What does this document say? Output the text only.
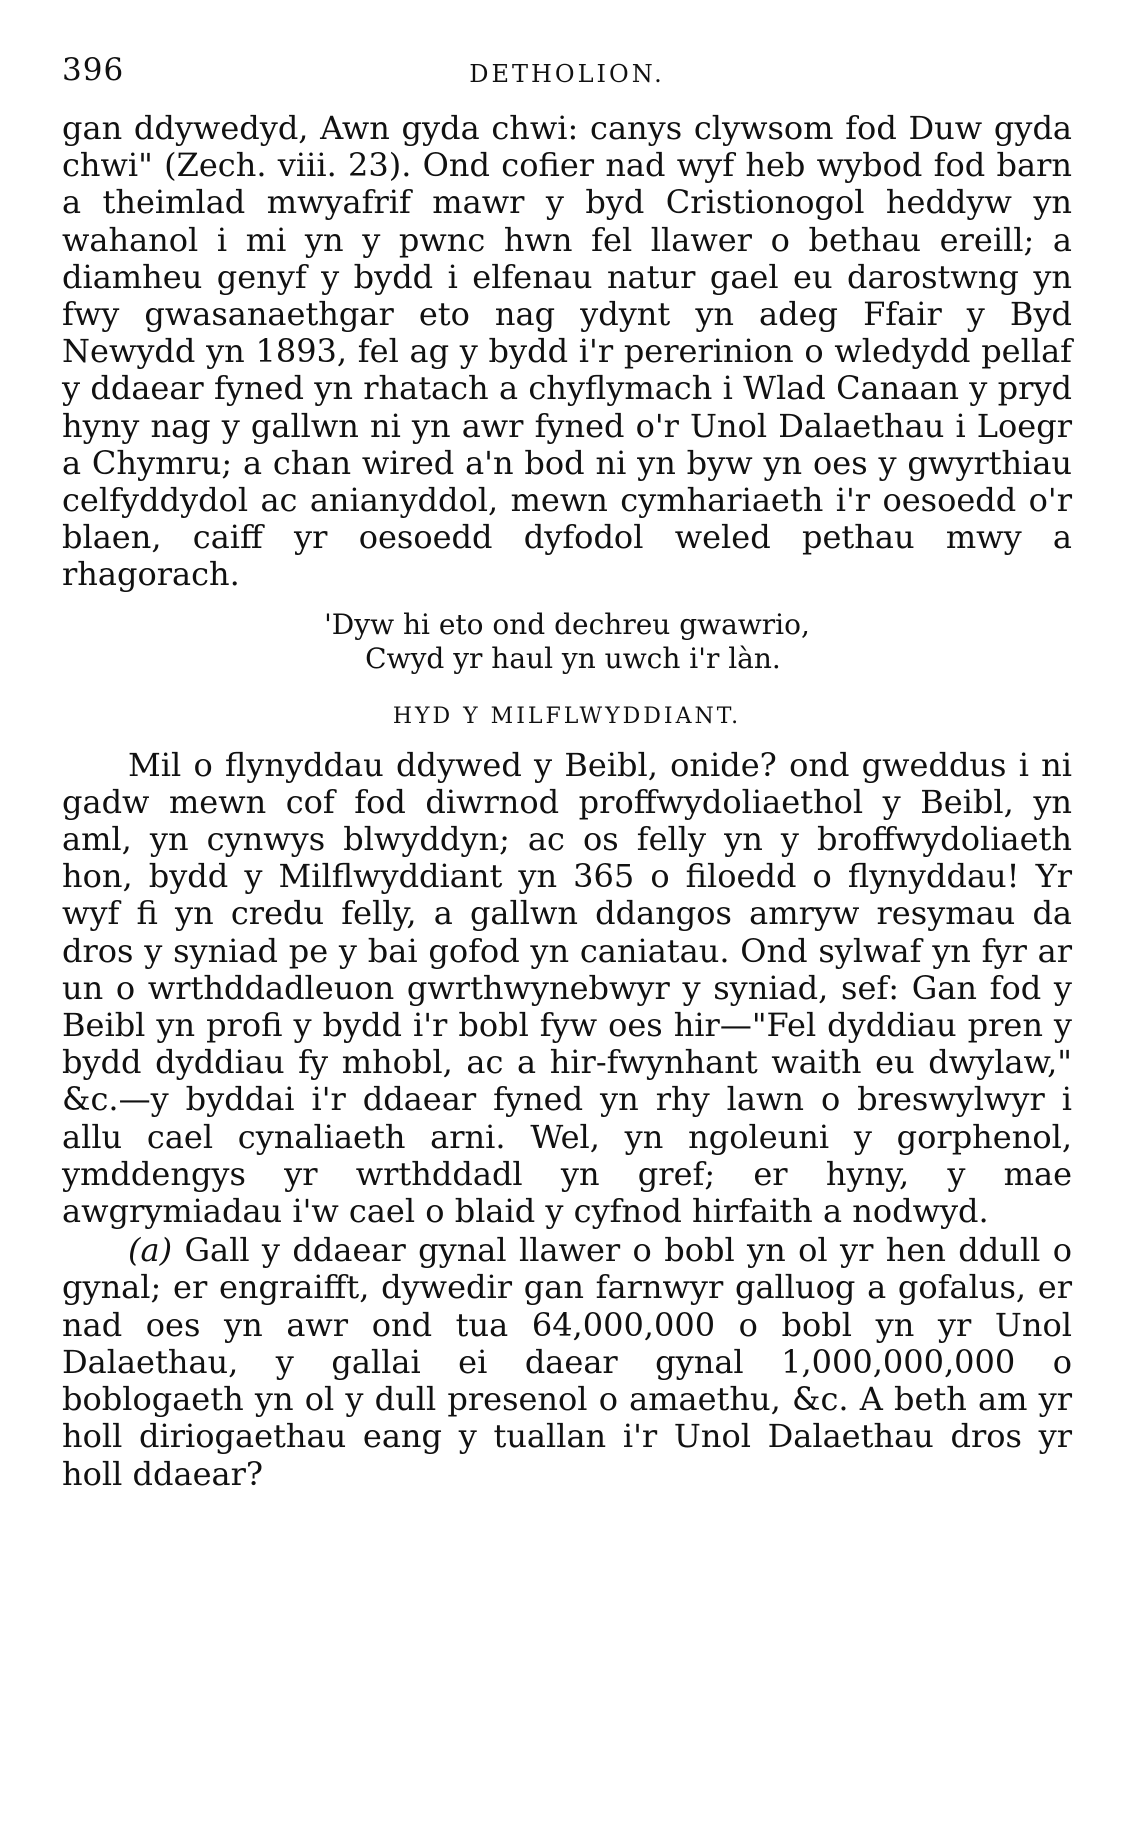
396	DETHOLION.

gan ddywedyd, Awn gyda chwi: canys clywsom fod Duw gyda chwi" (Zech. viii. 23). Ond cofier nad wyf heb wybod fod barn a theimlad mwyafrif mawr y byd Cristionogol heddyw yn wahanol i mi yn y pwnc hwn fel llawer o bethau ereill; a diamheu genyf y bydd i elfenau natur gael eu darostwng yn fwy gwasanaethgar eto nag ydynt yn adeg Ffair y Byd Newydd yn 1893, fel ag y bydd i'r pererinion o wledydd pellaf y ddaear fyned yn rhatach a chyflymach i Wlad Canaan y pryd hyny nag y gallwn ni yn awr fyned o'r Unol Dalaethau i Loegr a Chymru; a chan wired a'n bod ni yn byw yn oes y gwyrthiau celfyddydol ac anianyddol, mewn cymhariaeth i'r oesoedd o'r blaen, caiff yr oesoedd dyfodol weled pethau mwy a rhagorach.

'Dyw hi eto ond dechreu gwawrio,
Cwyd yr haul yn uwch i'r làn.
HYD Y MILFLWYDDIANT.

Mil o flynyddau ddywed y Beibl, onide? ond gweddus i ni gadw mewn cof fod diwrnod proffwydoliaethol y Beibl, yn aml, yn cynwys blwyddyn; ac os felly yn y broffwydoliaeth hon, bydd y Milflwyddiant yn 365 o filoedd o flynyddau! Yr wyf fi yn credu felly, a gallwn ddangos amryw resymau da dros y syniad pe y bai gofod yn caniatau. Ond sylwaf yn fyr ar un o wrthddadleuon gwrthwynebwyr y syniad, sef: Gan fod y Beibl yn profi y bydd i'r bobl fyw oes hir—"Fel dyddiau pren y bydd dyddiau fy mhobl, ac a hir-fwynhant waith eu dwylaw," &c.—y byddai i'r ddaear fyned yn rhy lawn o breswylwyr i allu cael cynaliaeth arni. Wel, yn ngoleuni y gorphenol, ymddengys yr wrthddadl yn gref; er hyny, y mae awgrymiadau i'w cael o blaid y cyfnod hirfaith a nodwyd.

(a) Gall y ddaear gynal llawer o bobl yn ol yr hen ddull o gynal; er engraifft, dywedir gan farnwyr galluog a gofalus, er nad oes yn awr ond tua 64,000,000 o bobl yn yr Unol Dalaethau, y gallai ei daear gynal 1,000,000,000 o boblogaeth yn ol y dull presenol o amaethu, &c. A beth am yr holl diriogaethau eang y tuallan i'r Unol Dalaethau dros yr holl ddaear?
